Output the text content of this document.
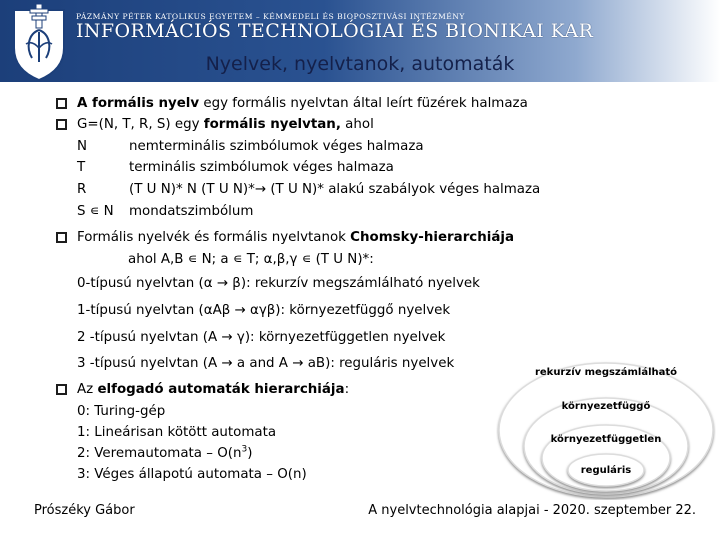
PÁZMÁNY PÉTER KATOLIKUS EGYETEM – KÉMMEDELI ÉS BIOPOSZTIVÁSI INTÉZMÉNY
INFORMÁCIÓS TECHNOLÓGIAI ÉS BIONIKAI KAR
Nyelvek, nyelvtanok, automaták
A formális nyelv egy formális nyelvtan által leírt füzérek halmaza
G=(N, T, R, S) egy formális nyelvtan, ahol
N	nemterminális szimbólumok véges halmaza
T	terminális szimbólumok véges halmaza
R	(T U N)* N (T U N)*→ (T U N)* alakú szabályok véges halmaza
S ∊ N mondatszimbólum
Formális nyelvék és formális nyelvtanok Chomsky-hierarchiája
ahol A,B ∊ N; a ∊ T; α,β,γ ∊ (T U N)*:
0-típusú nyelvtan (α → β): rekurzív megszámlálható nyelvek
1-típusú nyelvtan (αAβ → αγβ): környezetfüggő nyelvek
2 -típusú nyelvtan (A → γ): környezetfüggetlen nyelvek
3 -típusú nyelvtan (A → a and A → aB): reguláris nyelvek
Az elfogadó automaták hierarchiája:
0: Turing-gép
1: Lineárisan kötött automata
2: Veremautomata – $O(n^3)$
3: Véges állapotú automata – O(n)
rekurzív megszámlálható
környezetfüggő
környezetfüggetlen
reguláris
Prószéky Gábor	A nyelvtechnológia alapjai - 2020. szeptember 22.
